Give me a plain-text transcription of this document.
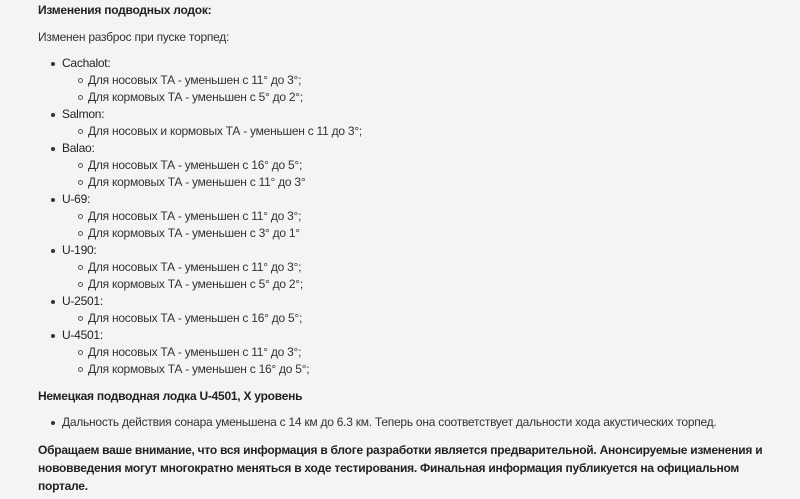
Изменения подводных лодок:

Изменен разброс при пуске торпед:

Cachalot:
Для носовых ТА - уменьшен с 11° до 3°;
Для кормовых ТА - уменьшен с 5° до 2°;
Salmon:
Для носовых и кормовых ТА - уменьшен с 11 до 3°;
Balao:
Для носовых ТА - уменьшен с 16° до 5°;
Для кормовых ТА - уменьшен с 11° до 3°
U-69:
Для носовых ТА - уменьшен с 11° до 3°;
Для кормовых ТА - уменьшен с 3° до 1°
U-190:
Для носовых ТА - уменьшен с 11° до 3°;
Для кормовых ТА - уменьшен с 5° до 2°;
U-2501:
Для носовых ТА - уменьшен с 16° до 5°;
U-4501:
Для носовых ТА - уменьшен с 11° до 3°;
Для кормовых ТА - уменьшен с 16° до 5°;

Немецкая подводная лодка U-4501, X уровень

Дальность действия сонара уменьшена с 14 км до 6.3 км. Теперь она соответствует дальности хода акустических торпед.

Обращаем ваше внимание, что вся информация в блоге разработки является предварительной. Анонсируемые изменения и нововведения могут многократно меняться в ходе тестирования. Финальная информация публикуется на официальном портале.
